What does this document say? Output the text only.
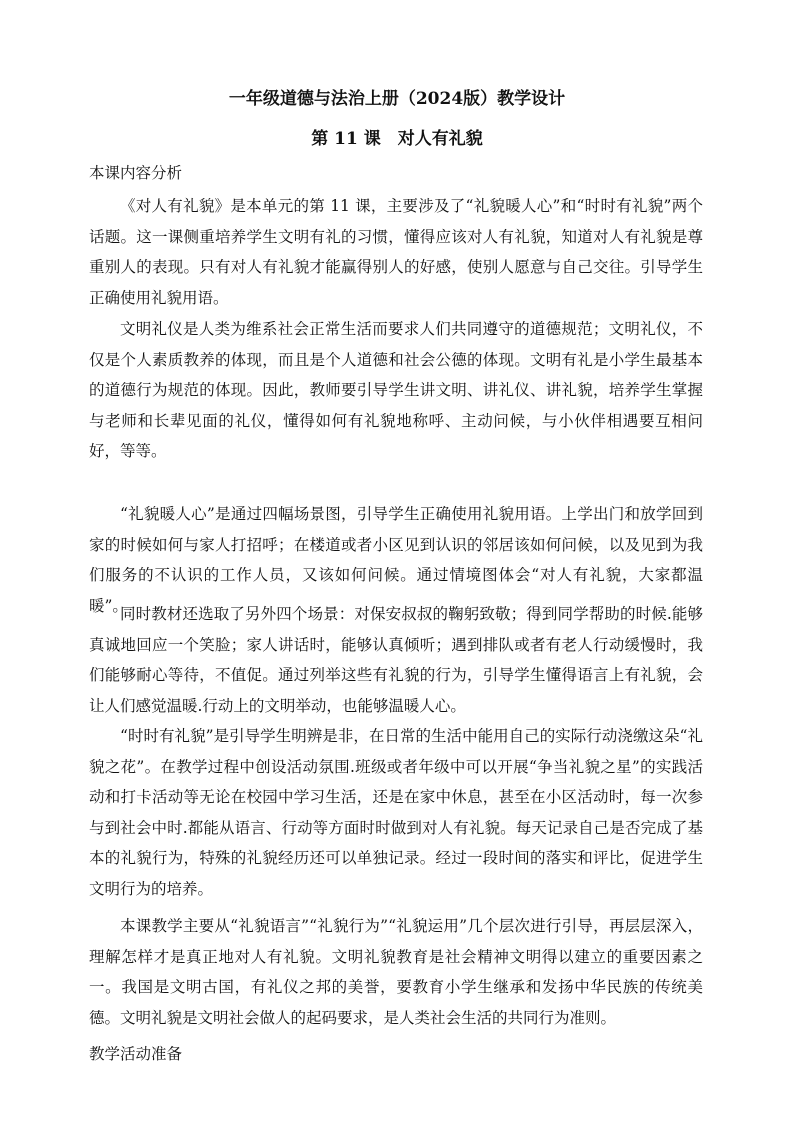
一年级道德与法治上册（2024版）教学设计
第 11 课　对人有礼貌
本课内容分析

《对人有礼貌》是本单元的第 11 课，主要涉及了“礼貌暖人心”和“时时有礼貌”两个话题。这一课侧重培养学生文明有礼的习惯，懂得应该对人有礼貌，知道对人有礼貌是尊重别人的表现。只有对人有礼貌才能赢得别人的好感，使别人愿意与自己交往。引导学生正确使用礼貌用语。

文明礼仪是人类为维系社会正常生活而要求人们共同遵守的道德规范；文明礼仪，不仅是个人素质教养的体现，而且是个人道德和社会公德的体现。文明有礼是小学生最基本的道德行为规范的体现。因此，教师要引导学生讲文明、讲礼仪、讲礼貌，培养学生掌握与老师和长辈见面的礼仪，懂得如何有礼貌地称呼、主动问候，与小伙伴相遇要互相问好，等等。

“礼貌暖人心”是通过四幅场景图，引导学生正确使用礼貌用语。上学出门和放学回到家的时候如何与家人打招呼；在楼道或者小区见到认识的邻居该如何问候，以及见到为我们服务的不认识的工作人员，又该如何问候。通过情境图体会“对人有礼貌，大家都温暖”。

同时教材还选取了另外四个场景：对保安叔叔的鞠躬致敬；得到同学帮助的时候.能够真诚地回应一个笑脸；家人讲话时，能够认真倾听；遇到排队或者有老人行动缓慢时，我们能够耐心等待，不值促。通过列举这些有礼貌的行为，引导学生懂得语言上有礼貌，会让人们感觉温暖.行动上的文明举动，也能够温暖人心。

“时时有礼貌”是引导学生明辨是非，在日常的生活中能用自己的实际行动浇缴这朵“礼貌之花”。在教学过程中创设活动氛围.班级或者年级中可以开展“争当礼貌之星”的实践活动和打卡活动等无论在校园中学习生活，还是在家中休息，甚至在小区活动时，每一次参与到社会中时.都能从语言、行动等方面时时做到对人有礼貌。每天记录自己是否完成了基本的礼貌行为，特殊的礼貌经历还可以单独记录。经过一段时间的落实和评比，促进学生文明行为的培养。

本课教学主要从“礼貌语言”“礼貌行为”“礼貌运用”几个层次进行引导，再层层深入，理解怎样才是真正地对人有礼貌。文明礼貌教育是社会精神文明得以建立的重要因素之一。我国是文明古国，有礼仪之邦的美誉，要教育小学生继承和发扬中华民族的传统美德。文明礼貌是文明社会做人的起码要求，是人类社会生活的共同行为准则。

教学活动准备
